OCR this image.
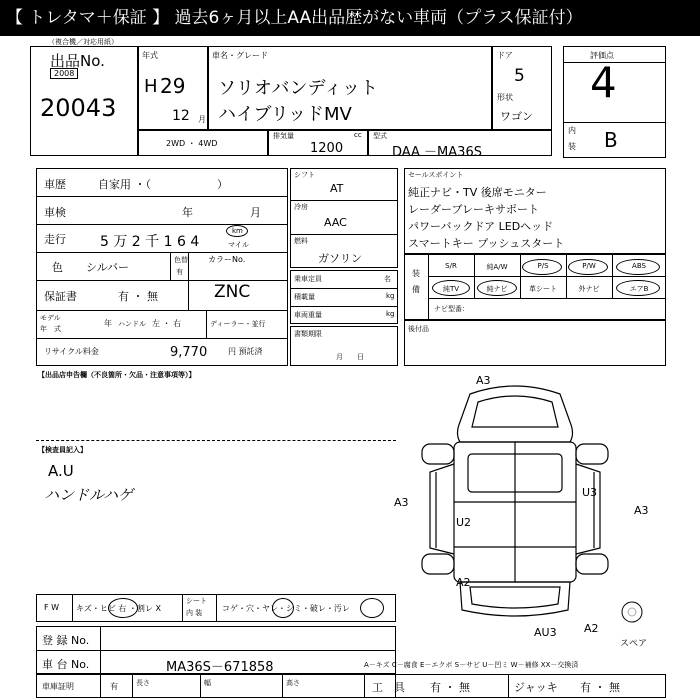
【 トレタマ＋保証 】 過去6ヶ月以上AA出品歴がない車両（プラス保証付）
（複合機／対応用紙）
出品No.
2008
20043
年式
H 29
12 月
車名・グレード
ソリオバンディット
ハイブリッドMV
ドア
5
形状
ワゴン
評価点
4
内
装 B
2WD ・ 4WD
排気量	cc
1200
型式
DAA －MA36S
車歴	自家用 ・（　　　　　　）
車検	年	月
走行 5 万 2 千 1 6 4
km
マイル
色 シルバー
色替
有
カラーNo.
ZNC
保証書	有 ・ 無
モデル
年　式
年 ハンドル 左 ・ 右	ディーラー・並行
リサイクル料金	9,770	円 預託済
シフト
AT
冷房
AAC
燃料
ガソリン
乗車定員	名
積載量	kg
車両重量	kg
書類期限
月　　日
セールスポイント
純正ナビ・TV 後席モニター
レーダーブレーキサポート
パワーバックドア LEDヘッド
スマートキー プッシュスタート
装
備
S/R	純A/W	P/S	P/W	ABS
純TV	純ナビ	革シート	外ナビ	エアB
ナビ型番：
後付品
【出品店申告欄（不良箇所・欠品・注意事項等）】
【検査員記入】
A.U
ハンドルハゲ
A3
A3
U3
A3
U2
A2
AU3 A2
スペア
F W キズ・ヒビ 右 ・割レ X
シート
内 装 コゲ・穴・ヤレ・シミ・破レ・汚レ
登 録 No.
車 台 No.	MA36S－671858
車庫証明	有	長さ	幅	高さ
A－キズ C－腐食 E－エクボ S－サビ U－凹ミ W－補修 XX－交換済
工　具 有 ・ 無	ジャッキ 有 ・ 無
